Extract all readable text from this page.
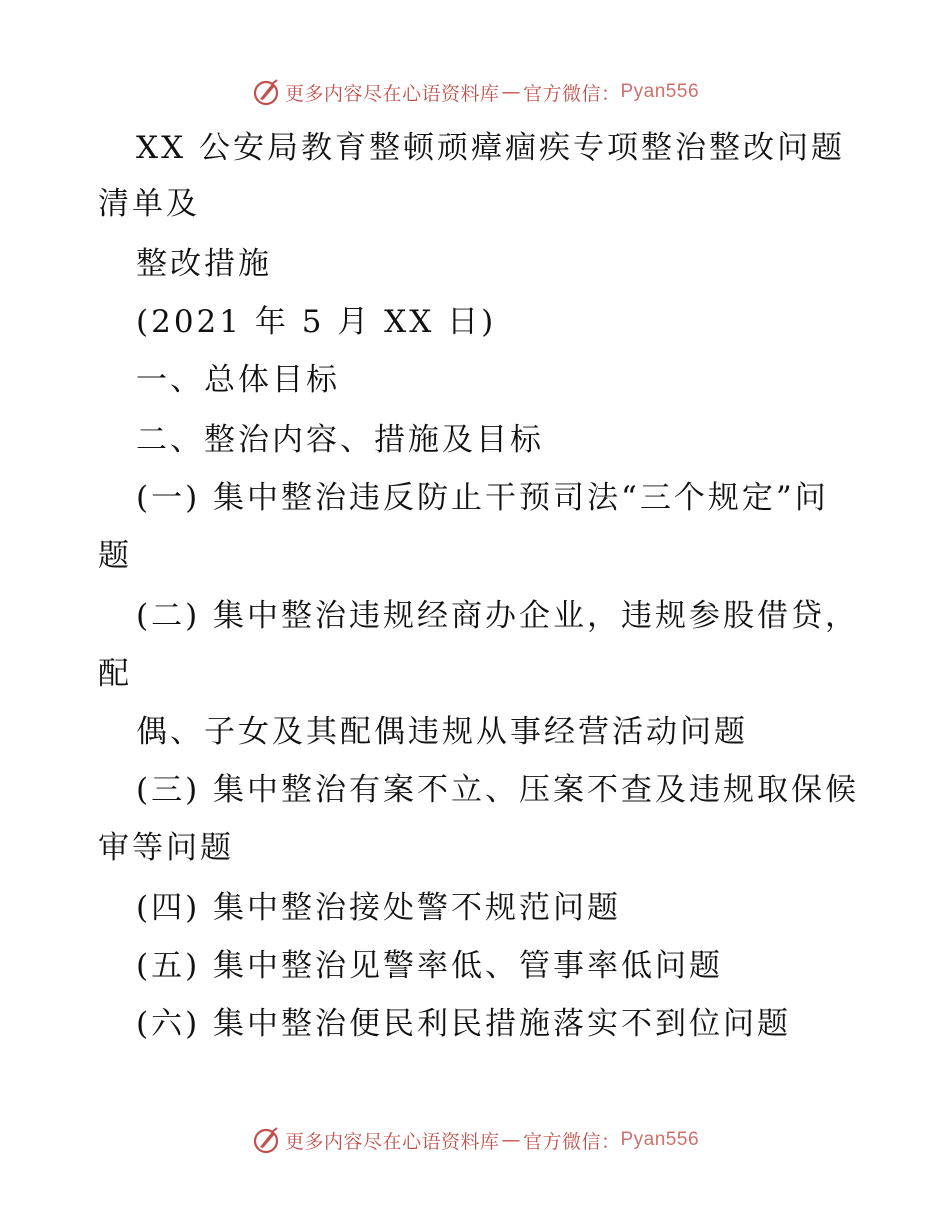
更多内容尽在心语资料库 — 官方微信： Pyan556
XX 公安局教育整顿顽瘴痼疾专项整治整改问题
清单及
整改措施
(2021 年 5 月 XX 日)
一、总体目标
二、整治内容、措施及目标
(一) 集中整治违反防止干预司法“三个规定”问
题
(二) 集中整治违规经商办企业，违规参股借贷，
配
偶、子女及其配偶违规从事经营活动问题
(三) 集中整治有案不立、压案不查及违规取保候
审等问题
(四) 集中整治接处警不规范问题
(五) 集中整治见警率低、管事率低问题
(六) 集中整治便民利民措施落实不到位问题
更多内容尽在心语资料库 — 官方微信： Pyan556
